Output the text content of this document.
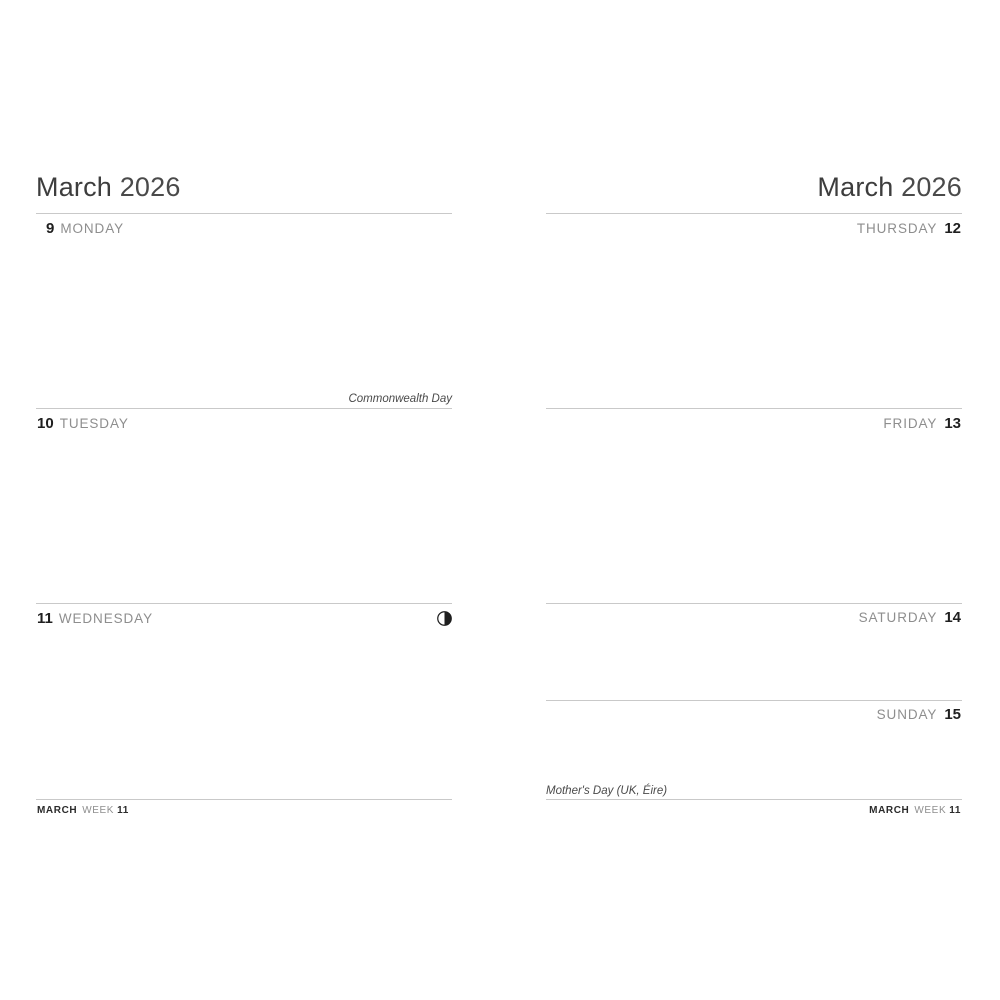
March 2026
9 MONDAY
Commonwealth Day
10 TUESDAY
11 WEDNESDAY
MARCH WEEK 11
March 2026
THURSDAY 12
FRIDAY 13
SATURDAY 14
SUNDAY 15
Mother's Day (UK, Éire)
MARCH WEEK 11
